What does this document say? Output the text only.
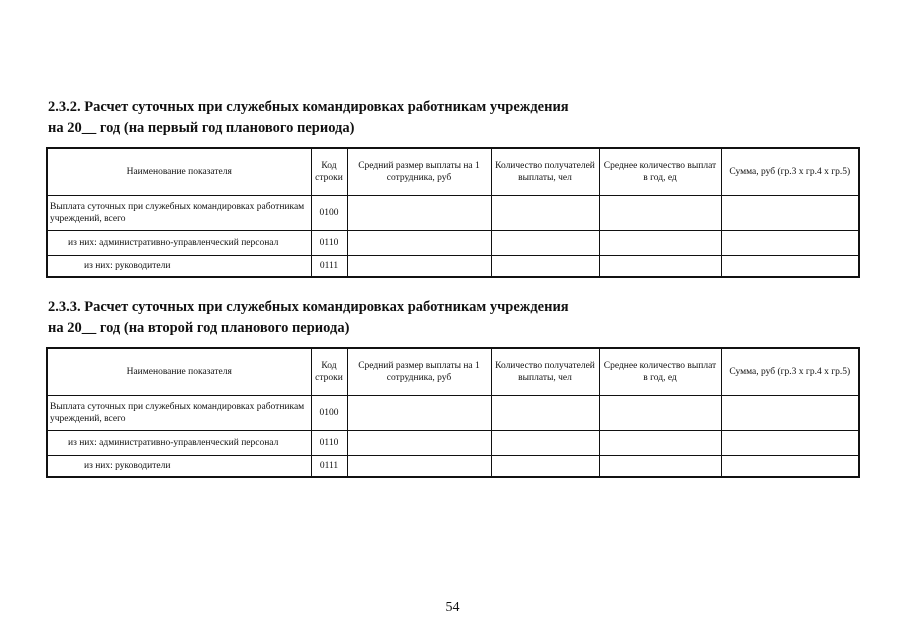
2.3.2. Расчет суточных при служебных командировках работникам учреждения
на 20__ год (на первый год планового периода)
Наименование показателя	Код строки	Средний размер выплаты на 1 сотрудника, руб	Количество получателей выплаты, чел	Среднее количество выплат в год, ед	Сумма, руб (гр.3 х гр.4 х гр.5)
Выплата суточных при служебных командировках работникам учреждений, всего	0100				
из них: административно-управленческий персонал	0110				
из них: руководители	0111				
2.3.3. Расчет суточных при служебных командировках работникам учреждения
на 20__ год (на второй год планового периода)
Наименование показателя	Код строки	Средний размер выплаты на 1 сотрудника, руб	Количество получателей выплаты, чел	Среднее количество выплат в год, ед	Сумма, руб (гр.3 х гр.4 х гр.5)
Выплата суточных при служебных командировках работникам учреждений, всего	0100				
из них: административно-управленческий персонал	0110				
из них: руководители	0111				
54
